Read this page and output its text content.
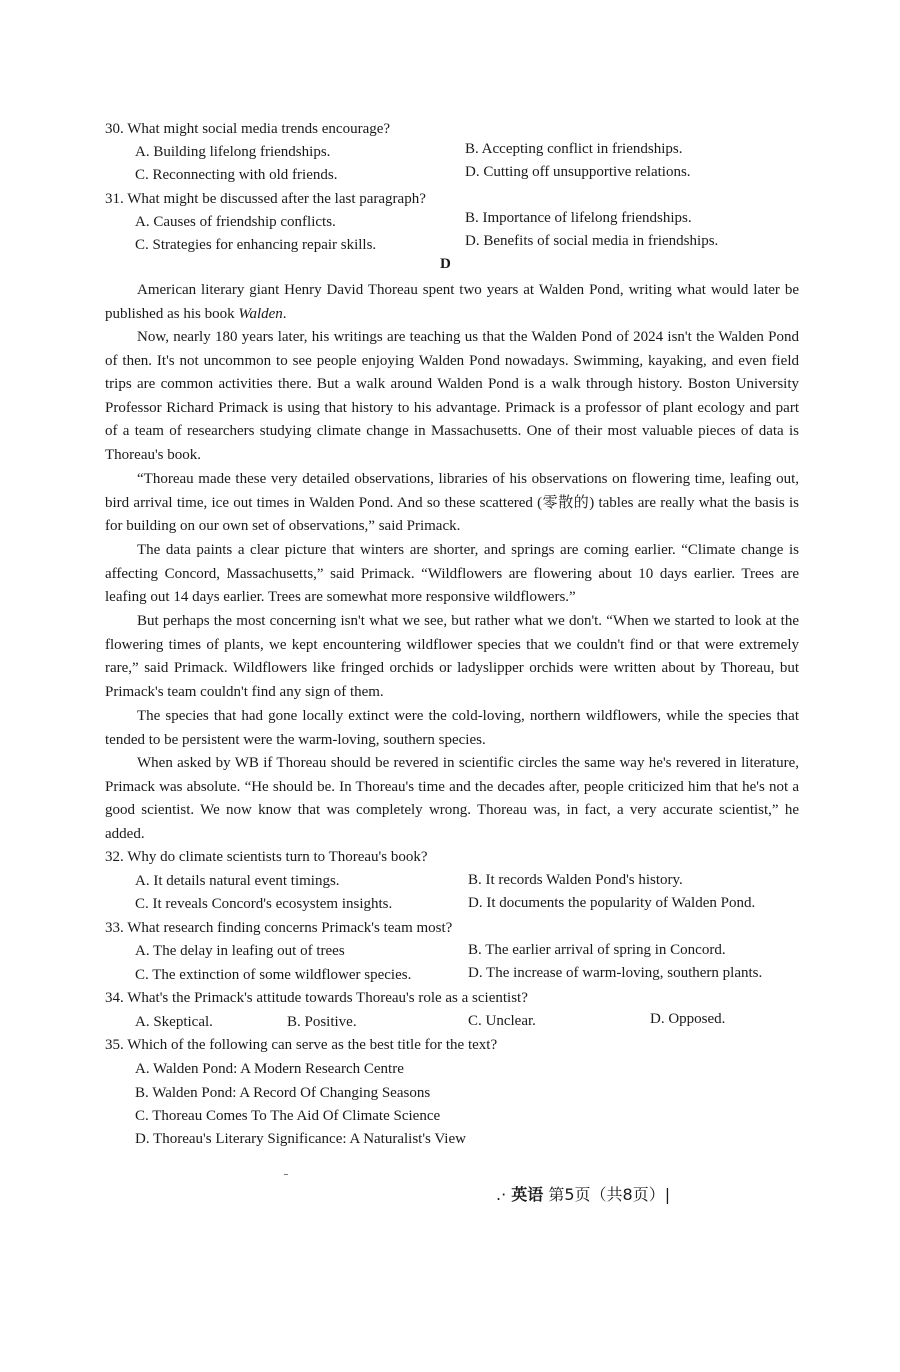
30. What might social media trends encourage?
A. Building lifelong friendships.	B. Accepting conflict in friendships.
C. Reconnecting with old friends.	D. Cutting off unsupportive relations.
31. What might be discussed after the last paragraph?
A. Causes of friendship conflicts.	B. Importance of lifelong friendships.
C. Strategies for enhancing repair skills.	D. Benefits of social media in friendships.
D
American literary giant Henry David Thoreau spent two years at Walden Pond, writing what would later be published as his book Walden.
Now, nearly 180 years later, his writings are teaching us that the Walden Pond of 2024 isn't the Walden Pond of then. It's not uncommon to see people enjoying Walden Pond nowadays. Swimming, kayaking, and even field trips are common activities there. But a walk around Walden Pond is a walk through history. Boston University Professor Richard Primack is using that history to his advantage. Primack is a professor of plant ecology and part of a team of researchers studying climate change in Massachusetts. One of their most valuable pieces of data is Thoreau's book.
“Thoreau made these very detailed observations, libraries of his observations on flowering time, leafing out, bird arrival time, ice out times in Walden Pond. And so these scattered (零散的) tables are really what the basis is for building on our own set of observations,” said Primack.
The data paints a clear picture that winters are shorter, and springs are coming earlier. “Climate change is affecting Concord, Massachusetts,” said Primack. “Wildflowers are flowering about 10 days earlier. Trees are leafing out 14 days earlier. Trees are somewhat more responsive wildflowers.”
But perhaps the most concerning isn't what we see, but rather what we don't. “When we started to look at the flowering times of plants, we kept encountering wildflower species that we couldn't find or that were extremely rare,” said Primack. Wildflowers like fringed orchids or ladyslipper orchids were written about by Thoreau, but Primack's team couldn't find any sign of them.
The species that had gone locally extinct were the cold-loving, northern wildflowers, while the species that tended to be persistent were the warm-loving, southern species.
When asked by WB if Thoreau should be revered in scientific circles the same way he's revered in literature, Primack was absolute. “He should be. In Thoreau's time and the decades after, people criticized him that he's not a good scientist. We now know that was completely wrong. Thoreau was, in fact, a very accurate scientist,” he added.
32. Why do climate scientists turn to Thoreau's book?
A. It details natural event timings.	B. It records Walden Pond's history.
C. It reveals Concord's ecosystem insights.	D. It documents the popularity of Walden Pond.
33. What research finding concerns Primack's team most?
A. The delay in leafing out of trees	B. The earlier arrival of spring in Concord.
C. The extinction of some wildflower species.	D. The increase of warm-loving, southern plants.
34. What's the Primack's attitude towards Thoreau's role as a scientist?
A. Skeptical.	B. Positive.	C. Unclear.	D. Opposed.
35. Which of the following can serve as the best title for the text?
A. Walden Pond: A Modern Research Centre
B. Walden Pond: A Record Of Changing Seasons
C. Thoreau Comes To The Aid Of Climate Science
D. Thoreau's Literary Significance: A Naturalist's View
.· 英语 第5页（共8页）|
